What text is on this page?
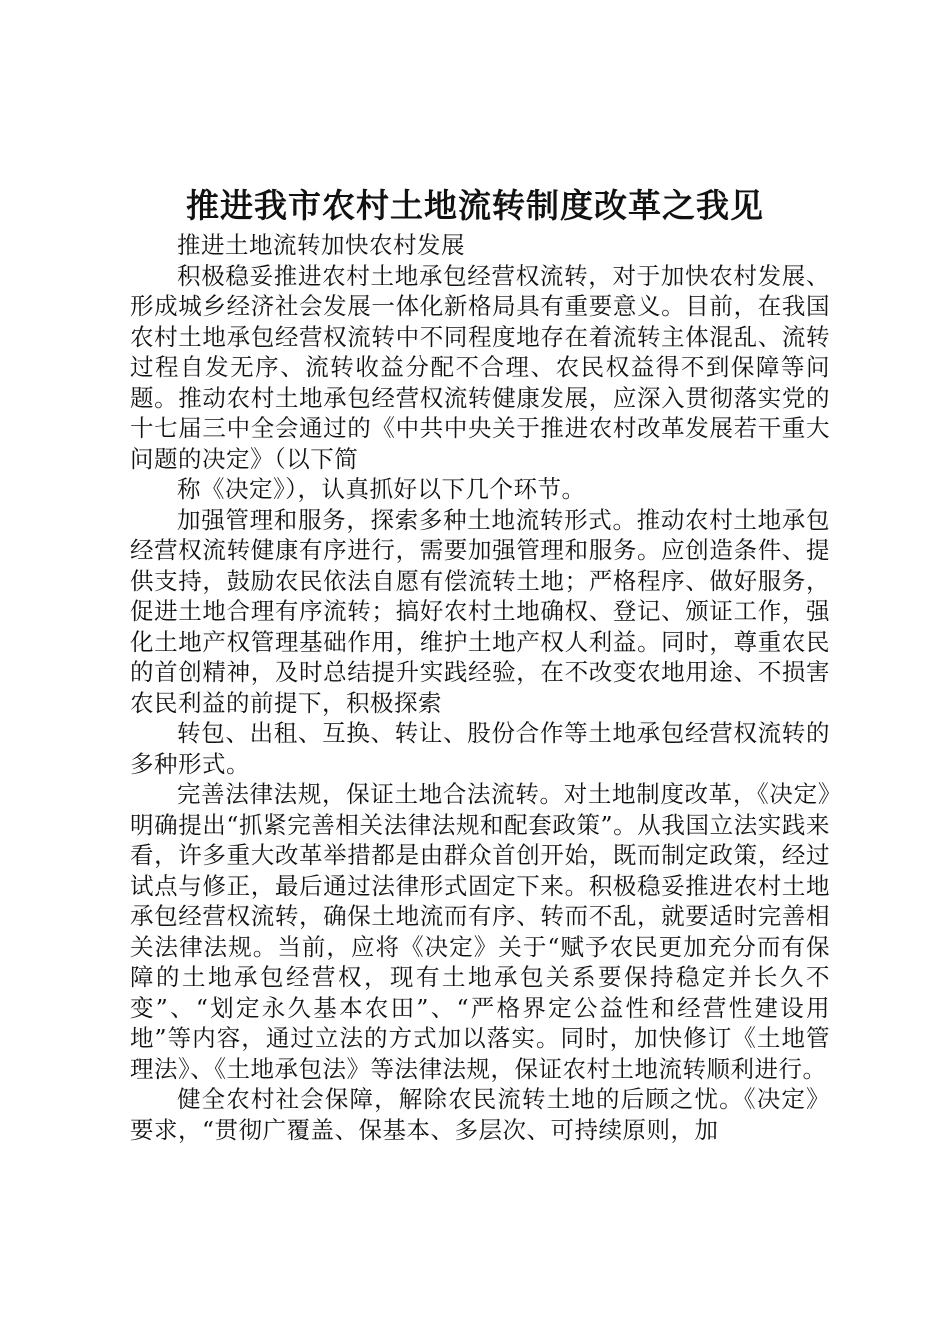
推进我市农村土地流转制度改革之我见

推进土地流转加快农村发展

积极稳妥推进农村土地承包经营权流转，对于加快农村发展、形成城乡经济社会发展一体化新格局具有重要意义。目前，在我国农村土地承包经营权流转中不同程度地存在着流转主体混乱、流转过程自发无序、流转收益分配不合理、农民权益得不到保障等问题。推动农村土地承包经营权流转健康发展，应深入贯彻落实党的十七届三中全会通过的《中共中央关于推进农村改革发展若干重大问题的决定》（以下简

称《决定》），认真抓好以下几个环节。

加强管理和服务，探索多种土地流转形式。推动农村土地承包经营权流转健康有序进行，需要加强管理和服务。应创造条件、提供支持，鼓励农民依法自愿有偿流转土地；严格程序、做好服务，促进土地合理有序流转；搞好农村土地确权、登记、颁证工作，强化土地产权管理基础作用，维护土地产权人利益。同时，尊重农民的首创精神，及时总结提升实践经验，在不改变农地用途、不损害农民利益的前提下，积极探索

转包、出租、互换、转让、股份合作等土地承包经营权流转的多种形式。

完善法律法规，保证土地合法流转。对土地制度改革，《决定》明确提出“抓紧完善相关法律法规和配套政策”。从我国立法实践来看，许多重大改革举措都是由群众首创开始，既而制定政策，经过试点与修正，最后通过法律形式固定下来。积极稳妥推进农村土地承包经营权流转，确保土地流而有序、转而不乱，就要适时完善相关法律法规。当前，应将《决定》关于“赋予农民更加充分而有保障的土地承包经营权，现有土地承包关系要保持稳定并长久不变”、“划定永久基本农田”、“严格界定公益性和经营性建设用地”等内容，通过立法的方式加以落实。同时，加快修订《土地管理法》、《土地承包法》等法律法规，保证农村土地流转顺利进行。

健全农村社会保障，解除农民流转土地的后顾之忧。《决定》要求，“贯彻广覆盖、保基本、多层次、可持续原则，加
